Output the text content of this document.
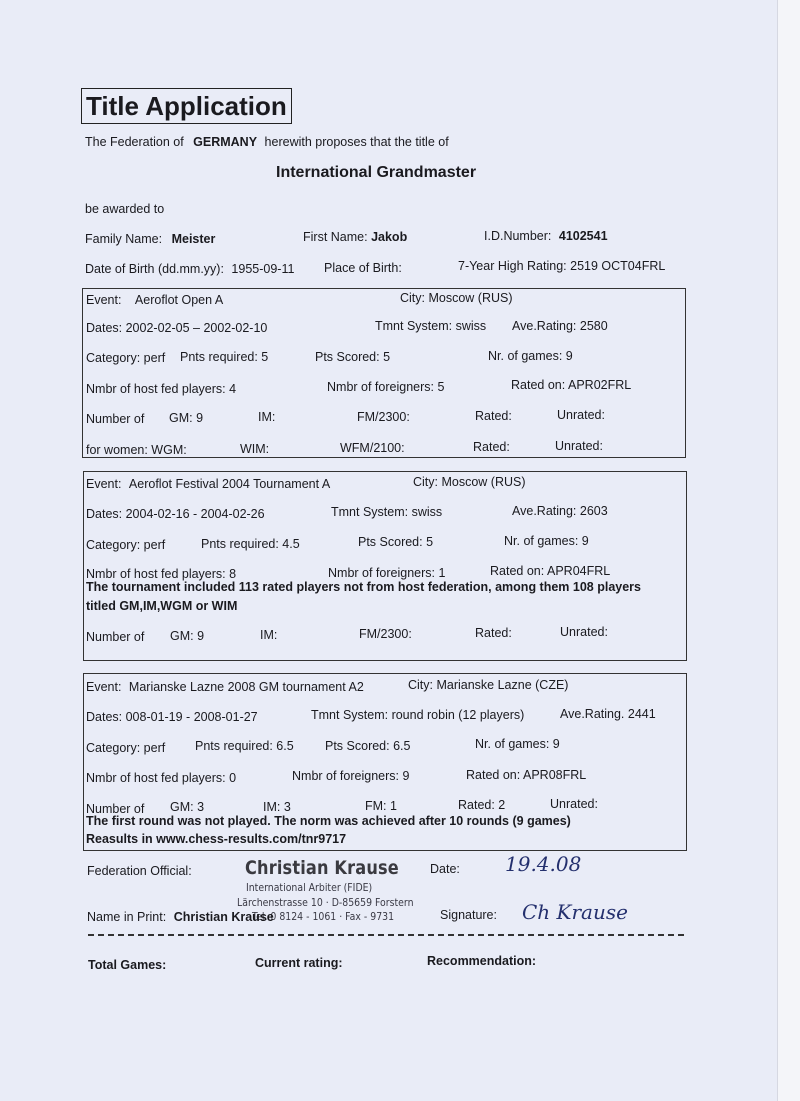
Title Application
The Federation of GERMANY herewith proposes that the title of
International Grandmaster
be awarded to
Family Name: Meister	First Name: Jakob	I.D.Number: 4102541
Date of Birth (dd.mm.yy): 1955-09-11 Place of Birth:	7-Year High Rating: 2519 OCT04FRL
Event: Aeroflot Open A	City: Moscow (RUS)
Dates: 2002-02-05 – 2002-02-10	Tmnt System: swiss Ave.Rating: 2580
Category: perf Pnts required: 5	Pts Scored: 5	Nr. of games: 9
Nmbr of host fed players: 4	Nmbr of foreigners: 5	Rated on: APR02FRL
Number of GM: 9	IM:	FM/2300:	Rated:	Unrated:
for women: WGM:	WIM:	WFM/2100:	Rated:	Unrated:
Event: Aeroflot Festival 2004 Tournament A	City: Moscow (RUS)
Dates: 2004-02-16 - 2004-02-26	Tmnt System: swiss	Ave.Rating: 2603
Category: perf	Pnts required: 4.5	Pts Scored: 5	Nr. of games: 9
Nmbr of host fed players: 8	Nmbr of foreigners: 1	Rated on: APR04FRL
The tournament included 113 rated players not from host federation, among them 108 players
titled GM,IM,WGM or WIM
Number of GM: 9	IM:	FM/2300:	Rated:	Unrated:
Event: Marianske Lazne 2008 GM tournament A2	City: Marianske Lazne (CZE)
Dates: 008-01-19 - 2008-01-27	Tmnt System: round robin (12 players)	Ave.Rating. 2441
Category: perf Pnts required: 6.5	Pts Scored: 6.5	Nr. of games: 9
Nmbr of host fed players: 0	Nmbr of foreigners: 9	Rated on: APR08FRL
Number of GM: 3	IM: 3	FM: 1	Rated: 2	Unrated:
The first round was not played. The norm was achieved after 10 rounds (9 games)
Reasults in www.chess-results.com/tnr9717
Federation Official:	Christian Krause
International Arbiter (FIDE)
Lärchenstrasse 10 · D-85659 Forstern
Tel. 0 8124 - 1061 · Fax - 9731
Date: 19.4.08
Name in Print: Christian Krause	Signature: Ch Krause
Total Games:	Current rating:	Recommendation:
